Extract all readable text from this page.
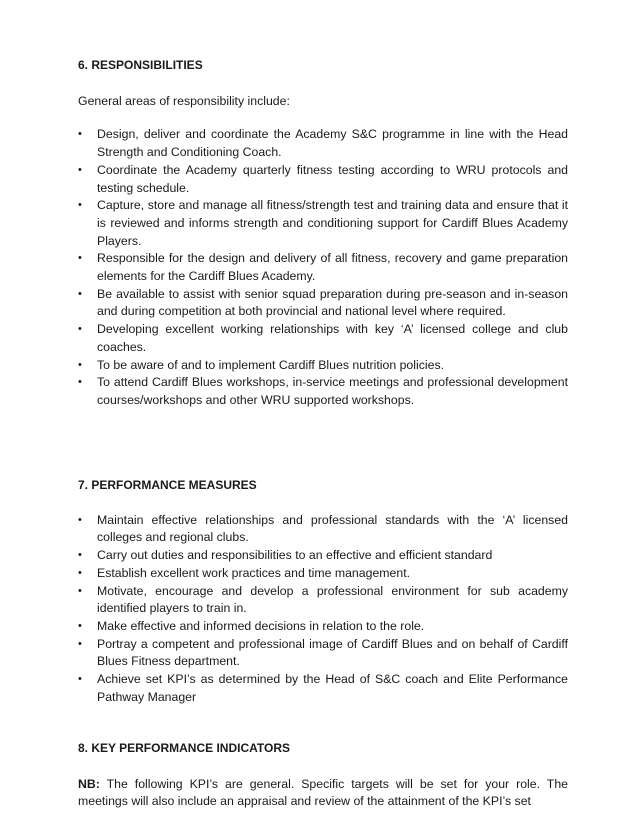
6. RESPONSIBILITIES

General areas of responsibility include:

• Design, deliver and coordinate the Academy S&C programme in line with the Head Strength and Conditioning Coach.
• Coordinate the Academy quarterly fitness testing according to WRU protocols and testing schedule.
• Capture, store and manage all fitness/strength test and training data and ensure that it is reviewed and informs strength and conditioning support for Cardiff Blues Academy Players.
• Responsible for the design and delivery of all fitness, recovery and game preparation elements for the Cardiff Blues Academy.
• Be available to assist with senior squad preparation during pre-season and in-season and during competition at both provincial and national level where required.
• Developing excellent working relationships with key ‘A’ licensed college and club coaches.
• To be aware of and to implement Cardiff Blues nutrition policies.
• To attend Cardiff Blues workshops, in-service meetings and professional development courses/workshops and other WRU supported workshops.
7. PERFORMANCE MEASURES
• Maintain effective relationships and professional standards with the ‘A’ licensed colleges and regional clubs.
• Carry out duties and responsibilities to an effective and efficient standard
• Establish excellent work practices and time management.
• Motivate, encourage and develop a professional environment for sub academy identified players to train in.
• Make effective and informed decisions in relation to the role.
• Portray a competent and professional image of Cardiff Blues and on behalf of Cardiff Blues Fitness department.
• Achieve set KPI’s as determined by the Head of S&C coach and Elite Performance Pathway Manager
8. KEY PERFORMANCE INDICATORS

NB: The following KPI’s are general. Specific targets will be set for your role. The meetings will also include an appraisal and review of the attainment of the KPI’s set
